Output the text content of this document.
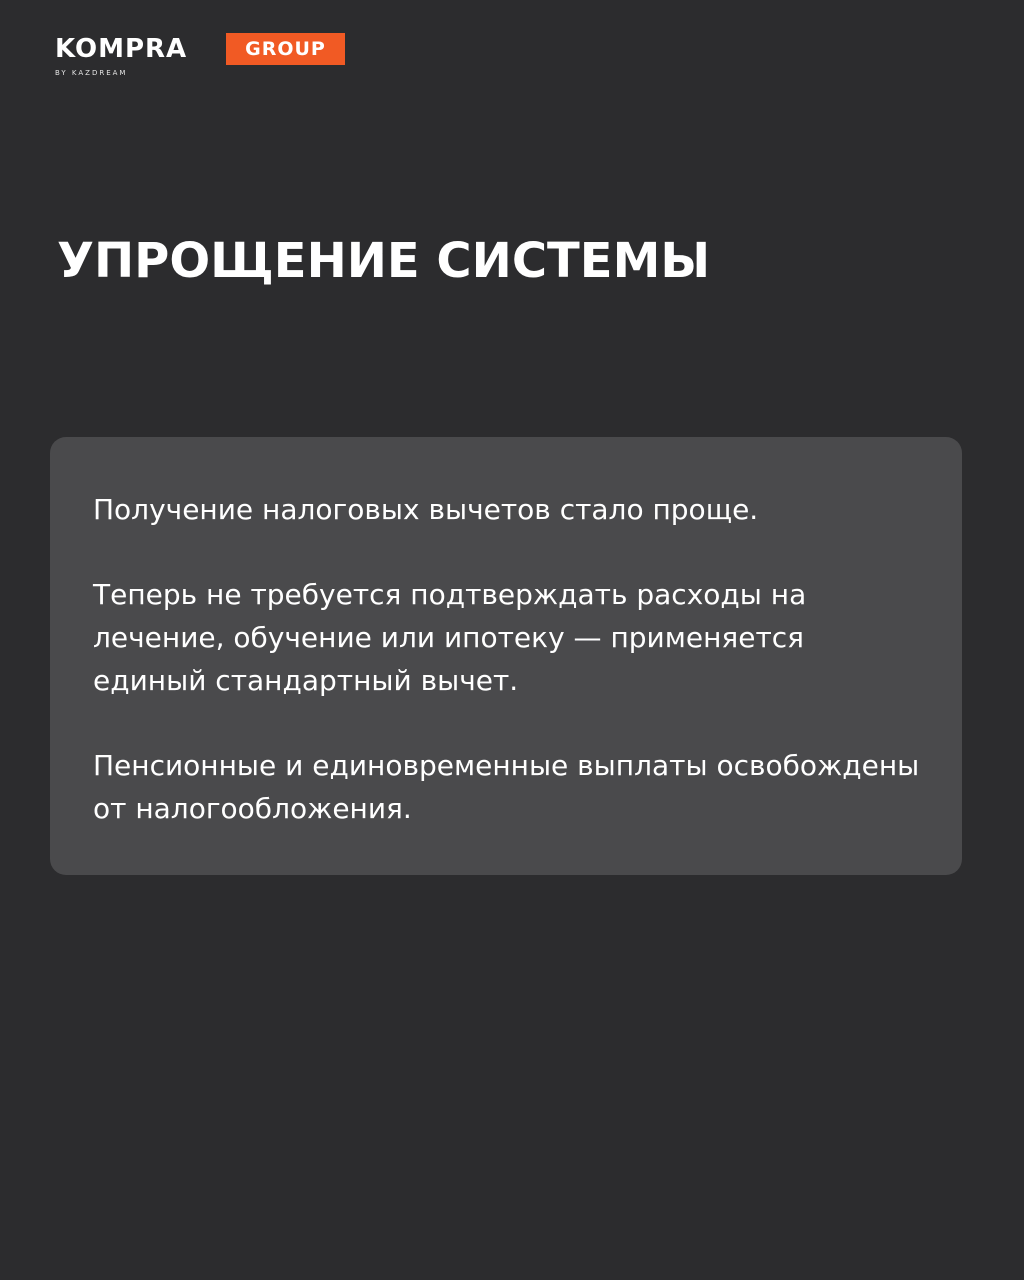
KOMPRA	GROUP

BY KAZDREAM

УПРОЩЕНИЕ СИСТЕМЫ

Получение налоговых вычетов стало проще.

Теперь не требуется подтверждать расходы на лечение, обучение или ипотеку — применяется единый стандартный вычет.

Пенсионные и единовременные выплаты освобождены от налогообложения.
